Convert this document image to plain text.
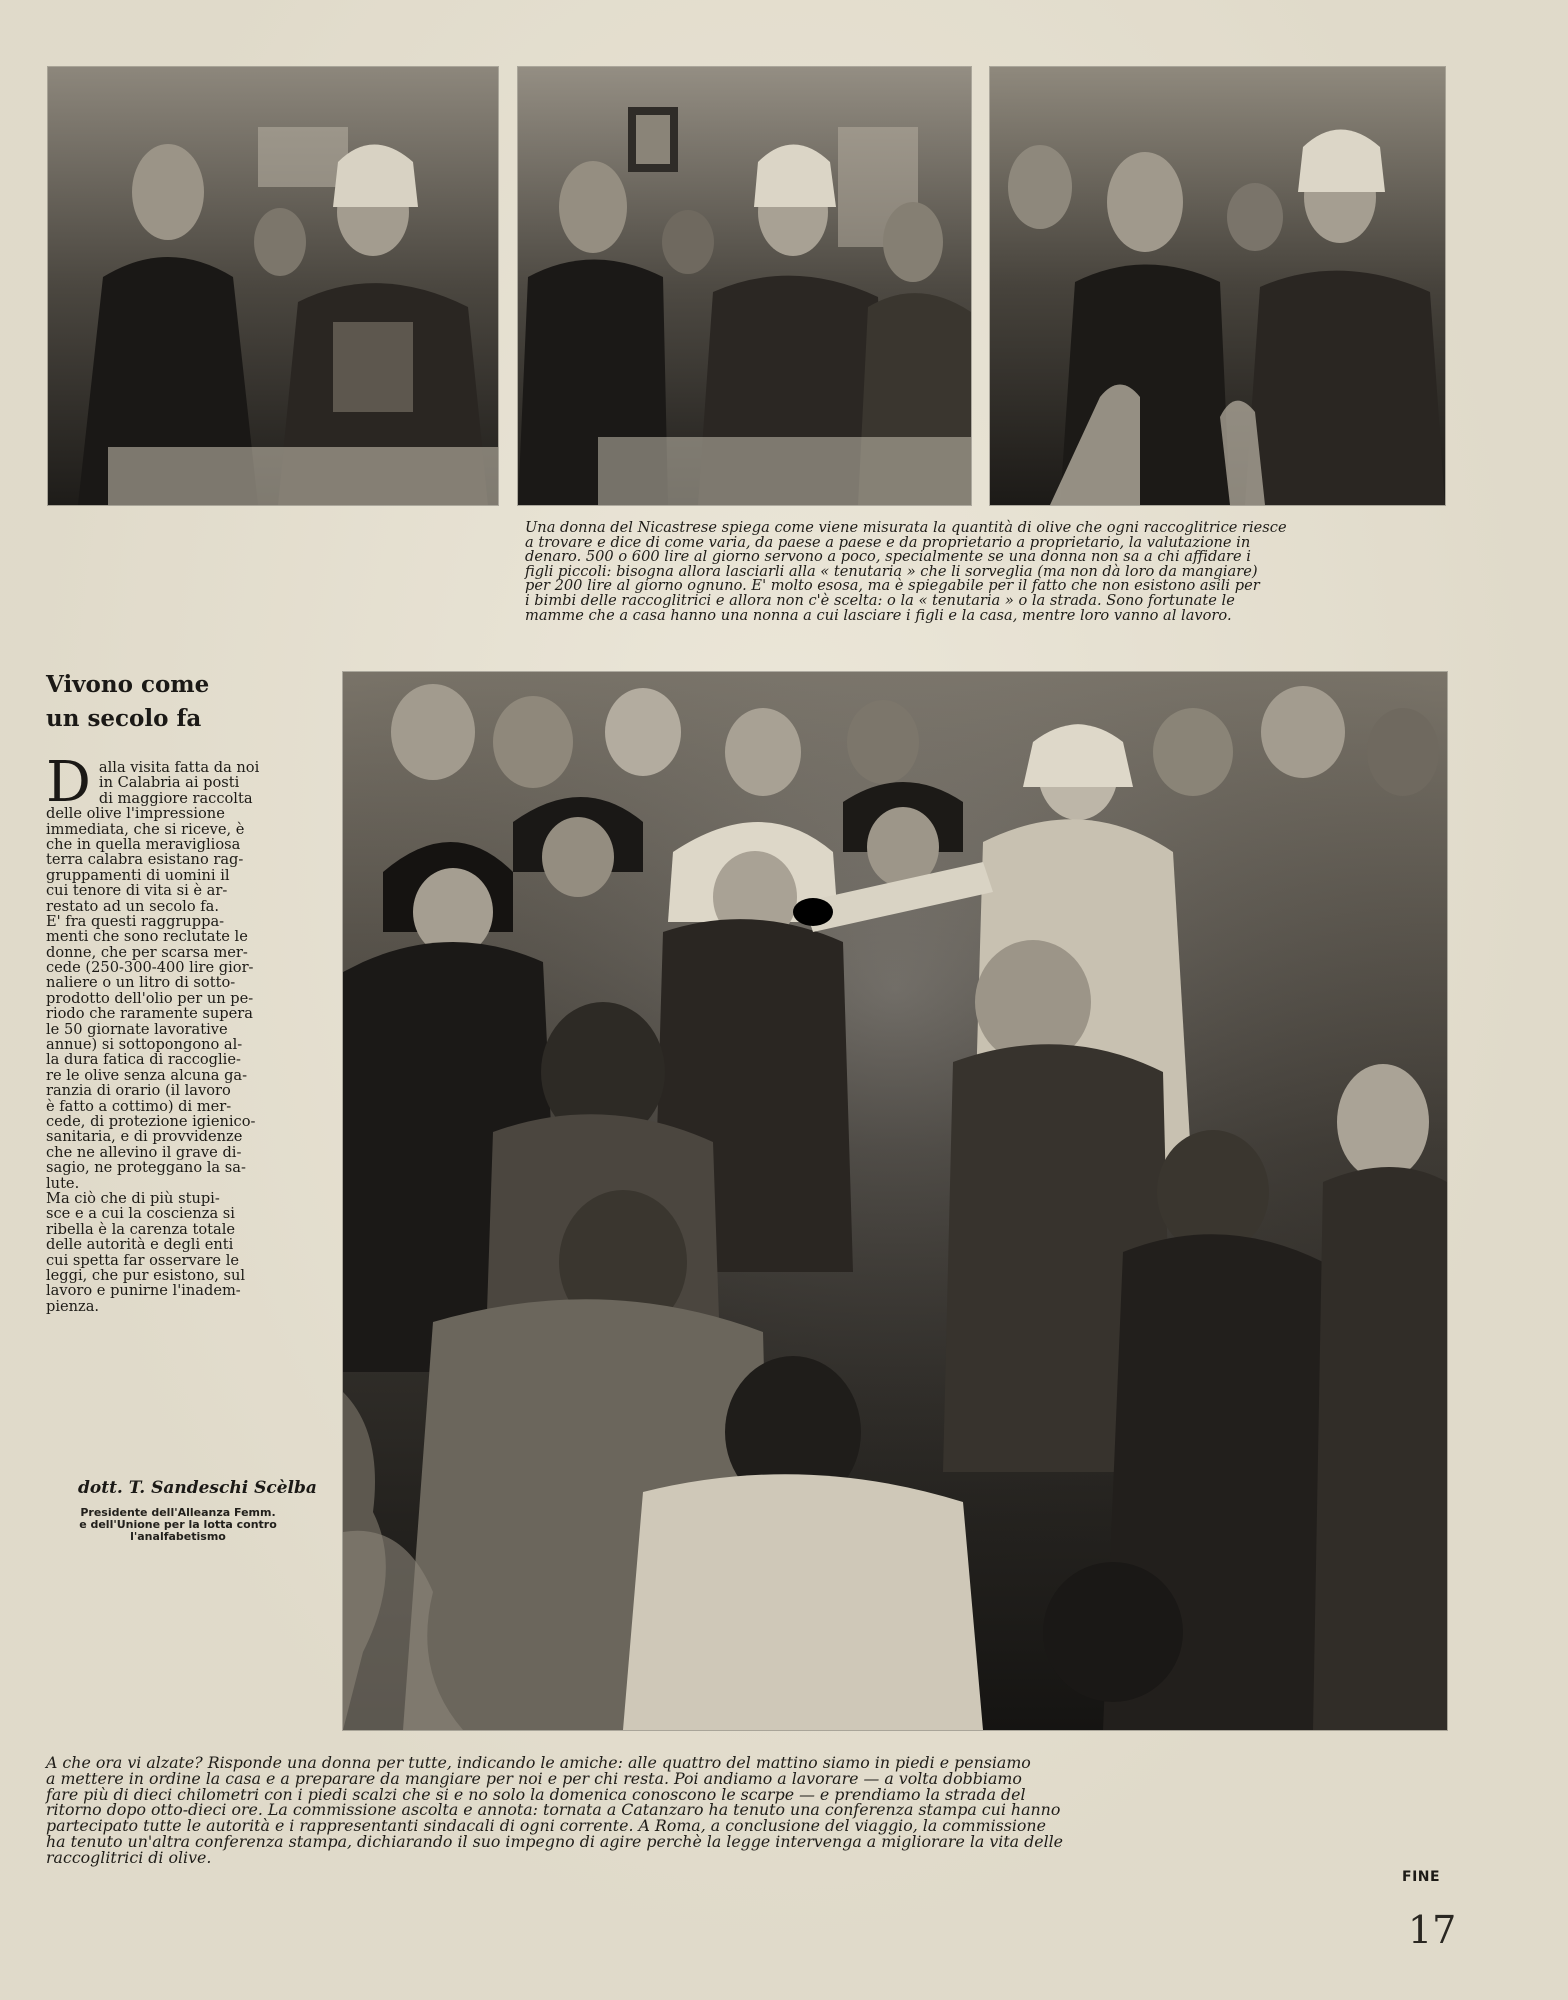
Una donna del Nicastrese spiega come viene misurata la quantità di olive che ogni raccoglitrice riesce
a trovare e dice di come varia, da paese a paese e da proprietario a proprietario, la valutazione in
denaro. 500 o 600 lire al giorno servono a poco, specialmente se una donna non sa a chi affidare i
figli piccoli: bisogna allora lasciarli alla « tenutaria » che li sorveglia (ma non dà loro da mangiare)
per 200 lire al giorno ognuno. E' molto esosa, ma è spiegabile per il fatto che non esistono asili per
i bimbi delle raccoglitrici e allora non c'è scelta: o la « tenutaria » o la strada. Sono fortunate le
mamme che a casa hanno una nonna a cui lasciare i figli e la casa, mentre loro vanno al lavoro.

Vivono come
un secolo fa
D alla visita fatta da noi
in Calabria ai posti
di maggiore raccolta
delle olive l'impressione
immediata, che si riceve, è
che in quella meravigliosa
terra calabra esistano rag-
gruppamenti di uomini il
cui tenore di vita si è ar-
restato ad un secolo fa.
E' fra questi raggruppa-
menti che sono reclutate le
donne, che per scarsa mer-
cede (250-300-400 lire gior-
naliere o un litro di sotto-
prodotto dell'olio per un pe-
riodo che raramente supera
le 50 giornate lavorative
annue) si sottopongono al-
la dura fatica di raccoglie-
re le olive senza alcuna ga-
ranzia di orario (il lavoro
è fatto a cottimo) di mer-
cede, di protezione igienico-
sanitaria, e di provvidenze
che ne allevino il grave di-
sagio, ne proteggano la sa-
lute.
Ma ciò che di più stupi-
sce e a cui la coscienza si
ribella è la carenza totale
delle autorità e degli enti
cui spetta far osservare le
leggi, che pur esistono, sul
lavoro e punirne l'inadem-
pienza.

dott. T. Sandeschi Scèlba

Presidente dell'Alleanza Femm.
e dell'Unione per la lotta contro
l'analfabetismo

A che ora vi alzate? Risponde una donna per tutte, indicando le amiche: alle quattro del mattino siamo in piedi e pensiamo
a mettere in ordine la casa e a preparare da mangiare per noi e per chi resta. Poi andiamo a lavorare — a volta dobbiamo
fare più di dieci chilometri con i piedi scalzi che si e no solo la domenica conoscono le scarpe — e prendiamo la strada del
ritorno dopo otto-dieci ore. La commissione ascolta e annota: tornata a Catanzaro ha tenuto una conferenza stampa cui hanno
partecipato tutte le autorità e i rappresentanti sindacali di ogni corrente. A Roma, a conclusione del viaggio, la commissione
ha tenuto un'altra conferenza stampa, dichiarando il suo impegno di agire perchè la legge intervenga a migliorare la vita delle
raccoglitrici di olive.

FINE
17
